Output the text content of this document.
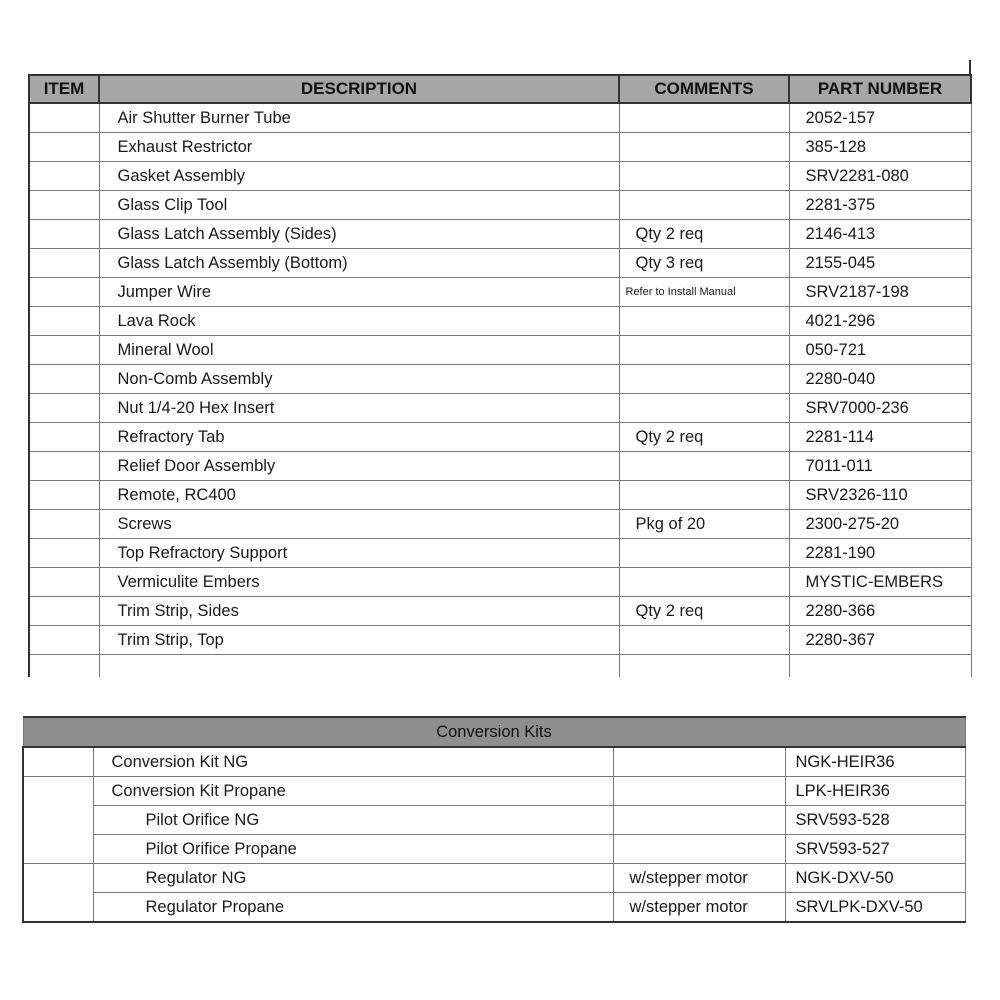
ITEM	DESCRIPTION	COMMENTS	PART NUMBER
	Air Shutter Burner Tube		2052-157
	Exhaust Restrictor		385-128
	Gasket Assembly		SRV2281-080
	Glass Clip Tool		2281-375
	Glass Latch Assembly (Sides)	Qty 2 req	2146-413
	Glass Latch Assembly (Bottom)	Qty 3 req	2155-045
	Jumper Wire	Refer to Install Manual	SRV2187-198
	Lava Rock		4021-296
	Mineral Wool		050-721
	Non-Comb Assembly		2280-040
	Nut 1/4-20 Hex Insert		SRV7000-236
	Refractory Tab	Qty 2 req	2281-114
	Relief Door Assembly		7011-011
	Remote, RC400		SRV2326-110
	Screws	Pkg of 20	2300-275-20
	Top Refractory Support		2281-190
	Vermiculite Embers		MYSTIC-EMBERS
	Trim Strip, Sides	Qty 2 req	2280-366
	Trim Strip, Top		2280-367

Conversion Kits			
	Conversion Kit NG		NGK-HEIR36
	Conversion Kit Propane		LPK-HEIR36
	Pilot Orifice NG		SRV593-528
	Pilot Orifice Propane		SRV593-527
	Regulator NG	w/stepper motor	NGK-DXV-50
	Regulator Propane	w/stepper motor	SRVLPK-DXV-50
